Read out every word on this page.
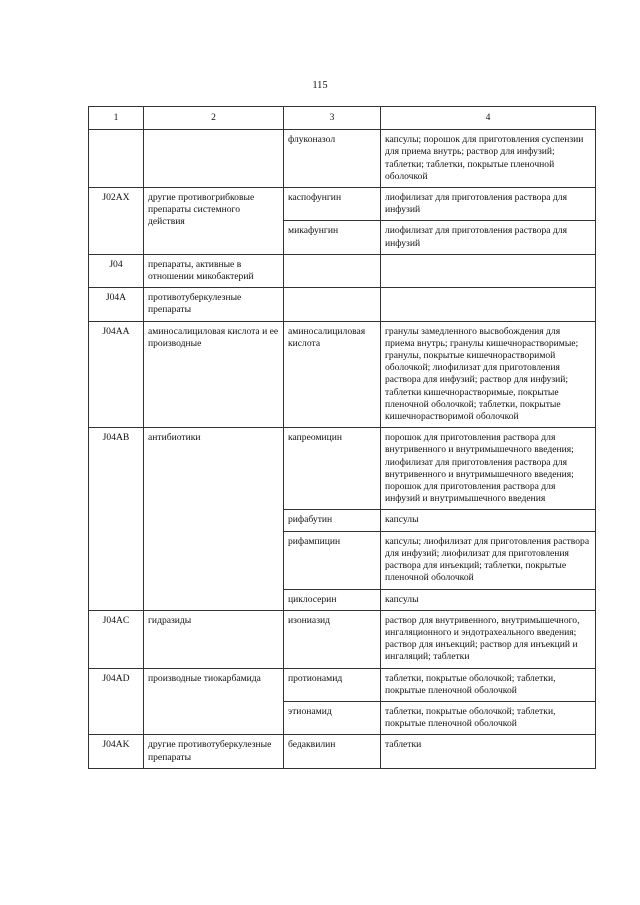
115
1	2	3	4
		флуконазол	капсулы; порошок для приготовления суспензии для приема внутрь; раствор для инфузий; таблетки; таблетки, покрытые пленочной оболочкой
J02AX	другие противогрибковые препараты системного действия	каспофунгин	лиофилизат для приготовления раствора для инфузий
		микафунгин	лиофилизат для приготовления раствора для инфузий
J04	препараты, активные в отношении микобактерий		
J04A	противотуберкулезные препараты		
J04AA	аминосалициловая кислота и ее производные	аминосалициловая кислота	гранулы замедленного высвобождения для приема внутрь; гранулы кишечнорастворимые; гранулы, покрытые кишечнорастворимой оболочкой; лиофилизат для приготовления раствора для инфузий; раствор для инфузий; таблетки кишечнорастворимые, покрытые пленочной оболочкой; таблетки, покрытые кишечнорастворимой оболочкой
J04AB	антибиотики	капреомицин	порошок для приготовления раствора для внутривенного и внутримышечного введения; лиофилизат для приготовления раствора для внутривенного и внутримышечного введения; порошок для приготовления раствора для инфузий и внутримышечного введения
		рифабутин	капсулы
		рифампицин	капсулы; лиофилизат для приготовления раствора для инфузий; лиофилизат для приготовления раствора для инъекций; таблетки, покрытые пленочной оболочкой
		циклосерин	капсулы
J04AC	гидразиды	изониазид	раствор для внутривенного, внутримышечного, ингаляционного и эндотрахеального введения; раствор для инъекций; раствор для инъекций и ингаляций; таблетки
J04AD	производные тиокарбамида	протионамид	таблетки, покрытые оболочкой; таблетки, покрытые пленочной оболочкой
		этионамид	таблетки, покрытые оболочкой; таблетки, покрытые пленочной оболочкой
J04AK	другие противотуберкулезные препараты	бедаквилин	таблетки
